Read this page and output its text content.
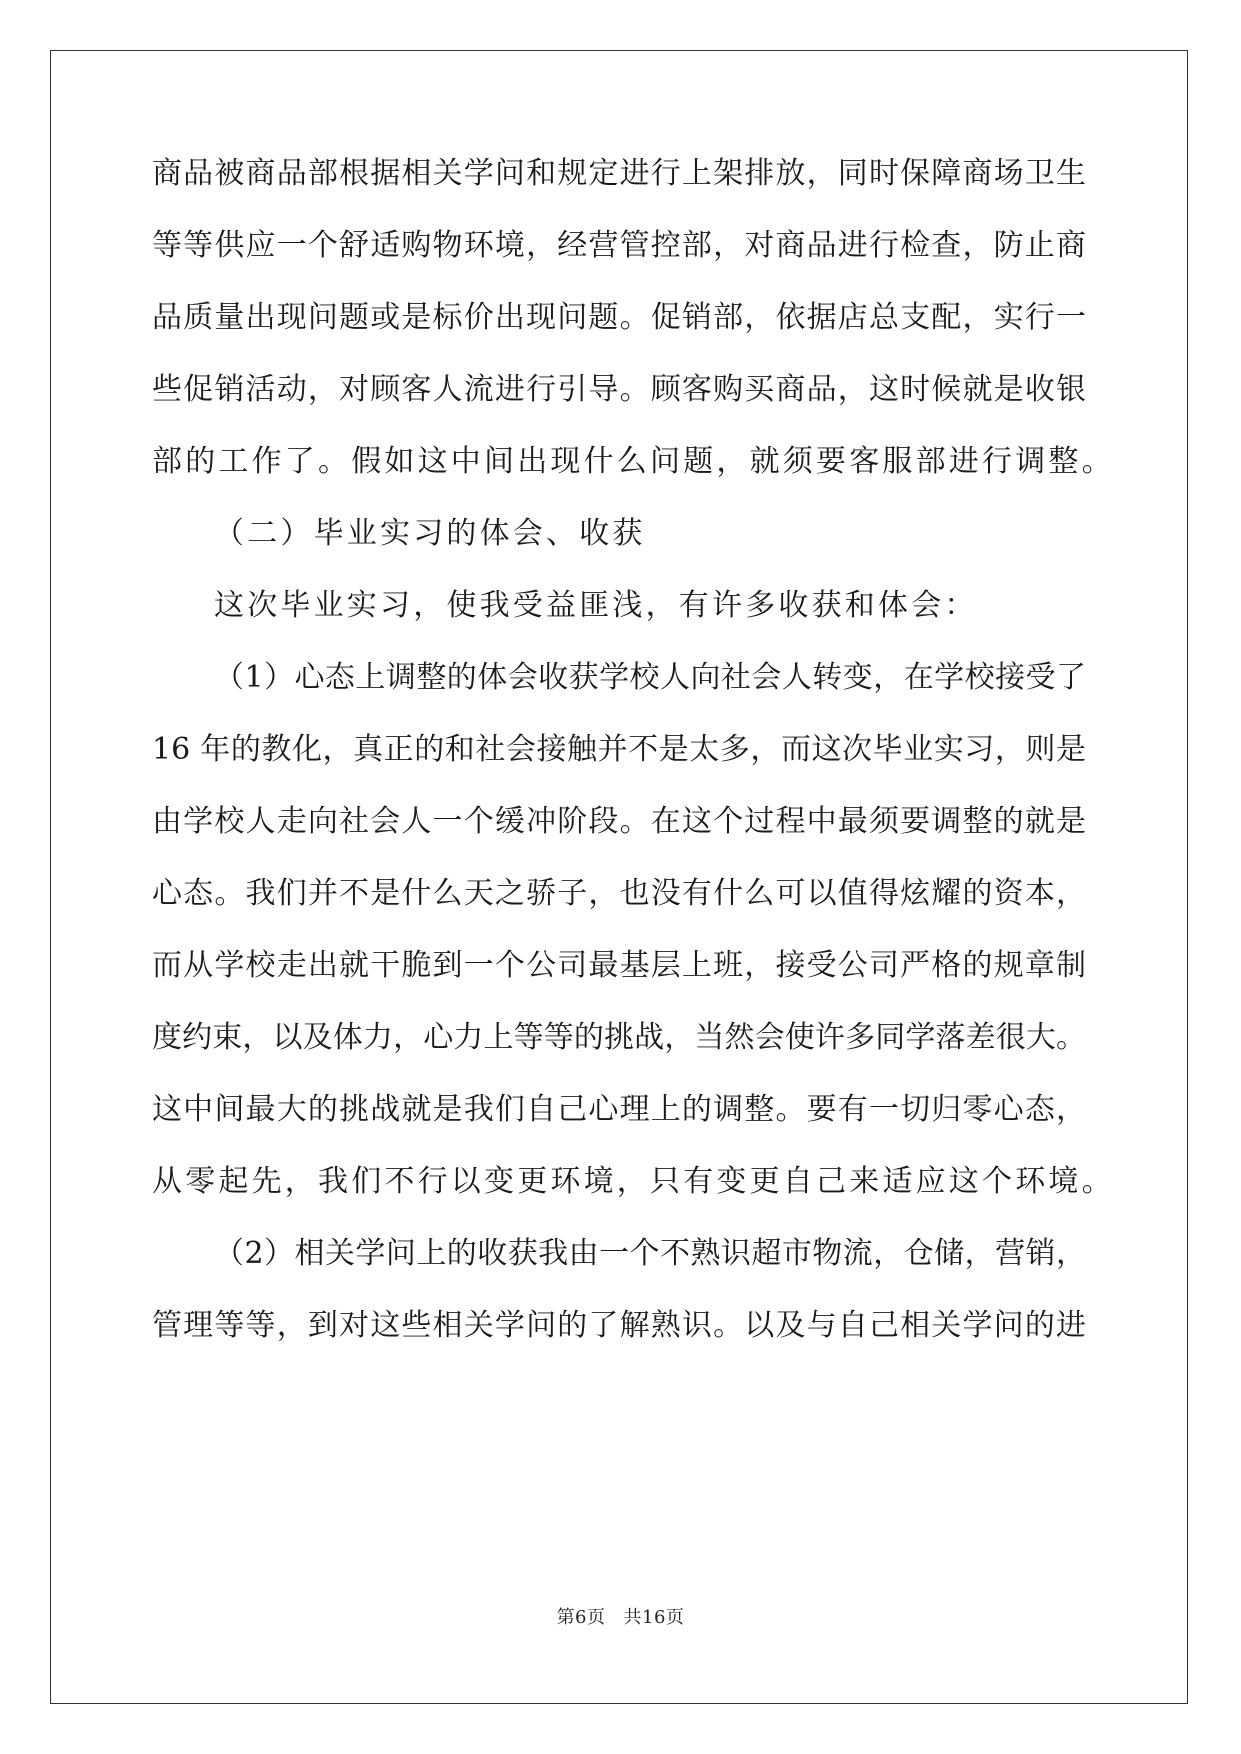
商品被商品部根据相关学问和规定进行上架排放，同时保障商场卫生
等等供应一个舒适购物环境，经营管控部，对商品进行检查，防止商
品质量出现问题或是标价出现问题。促销部，依据店总支配，实行一
些促销活动，对顾客人流进行引导。顾客购买商品，这时候就是收银
部的工作了。假如这中间出现什么问题，就须要客服部进行调整。
（二）毕业实习的体会、收获
这次毕业实习，使我受益匪浅，有许多收获和体会：
（1）心态上调整的体会收获学校人向社会人转变，在学校接受了
16 年的教化，真正的和社会接触并不是太多，而这次毕业实习，则是
由学校人走向社会人一个缓冲阶段。在这个过程中最须要调整的就是
心态。我们并不是什么天之骄子，也没有什么可以值得炫耀的资本，
而从学校走出就干脆到一个公司最基层上班，接受公司严格的规章制
度约束，以及体力，心力上等等的挑战，当然会使许多同学落差很大。
这中间最大的挑战就是我们自己心理上的调整。要有一切归零心态，
从零起先，我们不行以变更环境，只有变更自己来适应这个环境。
（2）相关学问上的收获我由一个不熟识超市物流，仓储，营销，
管理等等，到对这些相关学问的了解熟识。以及与自己相关学问的进
第6页 共16页
